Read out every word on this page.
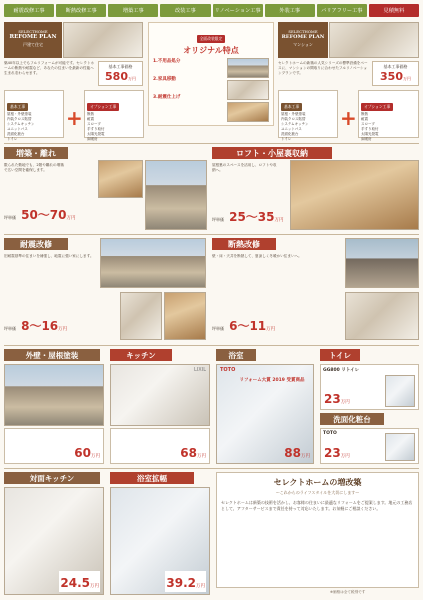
耐震改修工事	断熱改修工事	増築工事	改装工事	リノベーション工事	外装工事	バリアフリー工事	見積無料
SELECTHOME
REFOME PLAN
戸建て住宅
築40年以上でもフルリフォームが可能です。セレクトホームの断熱や耐震など、あなたの住まいを最新の性能へ生まれ変わらせます。
基本工事価格
580万円
全面改装限定
オリジナル特点
1.不用品処分
2.家具移動
3.耐震仕上げ
SELECTHOME
REFOME PLAN
マンション
セレクトホームの新築の人気シリーズの標準設備をベースに、マンションの間取りに合わせたフルリノベーションプランです。
基本工事価格
350万円
基本工事
屋根・外壁塗装
内装クロス貼替
システムキッチン
ユニットバス
洗面化粧台
トイレ
+	オプション工事
断熱
耐震
スロープ
手すり取付
太陽光発電
床暖房
基本工事
屋根・外壁塗装
内装クロス貼替
システムキッチン
ユニットバス
洗面化粧台
トイレ
+	オプション工事
断熱
耐震
スロープ
手すり取付
太陽光発電
床暖房
増築・離れ
限られた敷地でも、2階や離れの増築で広い空間を確保します。
坪単価 50〜70万円
ロフト・小屋裏収納
屋根裏のスペースを活用し、ロフトや収納へ。
坪単価 25〜35万円
耐震改修
旧耐震基準の住まいを補強し、地震に強い家にします。
坪単価 8〜16万円
断熱改修
壁・床・天井を断熱して、夏涼しく冬暖かい住まいへ。
坪単価 6〜11万円
外壁・屋根塗装
60万円
キッチン
LIXIL
68万円
浴室
TOTO
リフォーム大賞 2019 受賞商品
88万円
トイレ
GG800 リトイレ
23万円
洗面化粧台
TOTO
23万円
対面キッチン
24.5万円
浴室拡幅
39.2万円
セレクトホームの増改築
〜これからのライフスタイルを大切にします〜
セレクトホームは新築の技術を活かし、お客様の住まいに最適なリフォームをご提案します。地元の工務店として、アフターサービスまで責任を持って対応いたします。お気軽にご相談ください。
※価格は全て税別です
